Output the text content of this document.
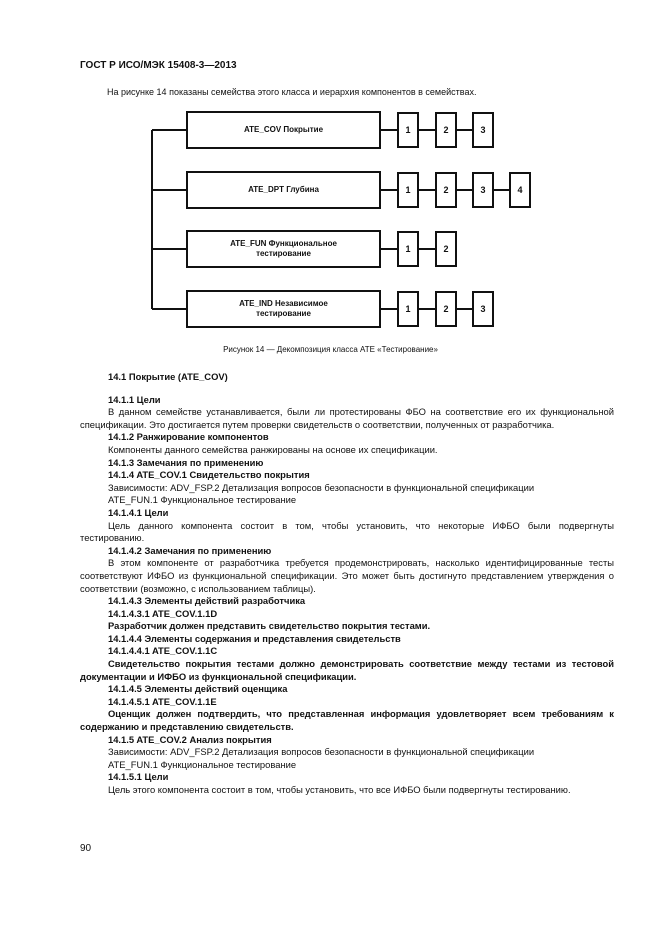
ГОСТ Р ИСО/МЭК 15408-3—2013
На рисунке 14 показаны семейства этого класса и иерархия компонентов в семействах.
ATE_COV Покрытие
ATE_DPT Глубина
ATE_FUN Функциональное
тестирование
ATE_IND Независимое
тестирование
1	2	3
1	2	3	4
1	2
1	2	3
Рисунок 14 — Декомпозиция класса АТЕ «Тестирование»

14.1 Покрытие (ATE_COV)

14.1.1 Цели

В данном семействе устанавливается, были ли протестированы ФБО на соответствие его их функциональной спецификации. Это достигается путем проверки свидетельств о соответствии, полученных от разработчика.

14.1.2 Ранжирование компонентов

Компоненты данного семейства ранжированы на основе их спецификации.

14.1.3 Замечания по применению

14.1.4 ATE_COV.1 Свидетельство покрытия

Зависимости: ADV_FSP.2 Детализация вопросов безопасности в функциональной спецификации

ATE_FUN.1 Функциональное тестирование

14.1.4.1 Цели

Цель данного компонента состоит в том, чтобы установить, что некоторые ИФБО были подвергнуты тестированию.

14.1.4.2 Замечания по применению

В этом компоненте от разработчика требуется продемонстрировать, насколько идентифицированные тесты соответствуют ИФБО из функциональной спецификации. Это может быть достигнуто представлением утверждения о соответствии (возможно, с использованием таблицы).

14.1.4.3 Элементы действий разработчика

14.1.4.3.1 ATE_COV.1.1D

Разработчик должен представить свидетельство покрытия тестами.

14.1.4.4 Элементы содержания и представления свидетельств

14.1.4.4.1 ATE_COV.1.1C

Свидетельство покрытия тестами должно демонстрировать соответствие между тестами из тестовой документации и ИФБО из функциональной спецификации.

14.1.4.5 Элементы действий оценщика

14.1.4.5.1 ATE_COV.1.1E

Оценщик должен подтвердить, что представленная информация удовлетворяет всем требованиям к содержанию и представлению свидетельств.

14.1.5 ATE_COV.2 Анализ покрытия

Зависимости: ADV_FSP.2 Детализация вопросов безопасности в функциональной спецификации

ATE_FUN.1 Функциональное тестирование

14.1.5.1 Цели

Цель этого компонента состоит в том, чтобы установить, что все ИФБО были подвергнуты тестированию.

90
